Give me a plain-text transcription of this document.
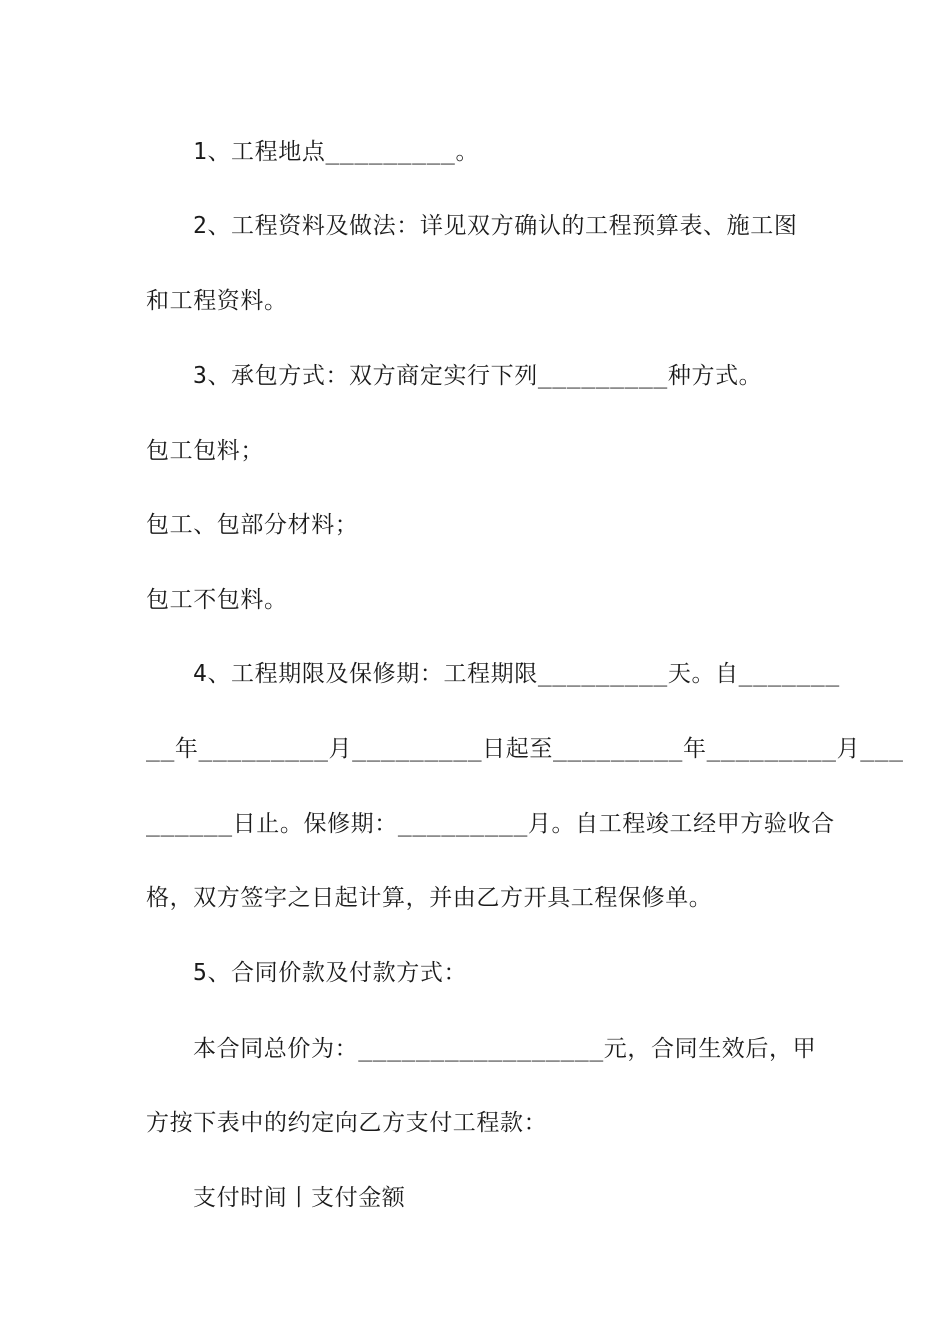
1、工程地点_________。
2、工程资料及做法：详见双方确认的工程预算表、施工图
和工程资料。
3、承包方式：双方商定实行下列_________种方式。
包工包料；
包工、包部分材料；
包工不包料。
4、工程期限及保修期：工程期限_________天。自_______
__年_________月_________日起至_________年_________月___
______日止。保修期：_________月。自工程竣工经甲方验收合
格，双方签字之日起计算，并由乙方开具工程保修单。
5、合同价款及付款方式：
本合同总价为：_________________元，合同生效后，甲
方按下表中的约定向乙方支付工程款：
支付时间丨支付金额
